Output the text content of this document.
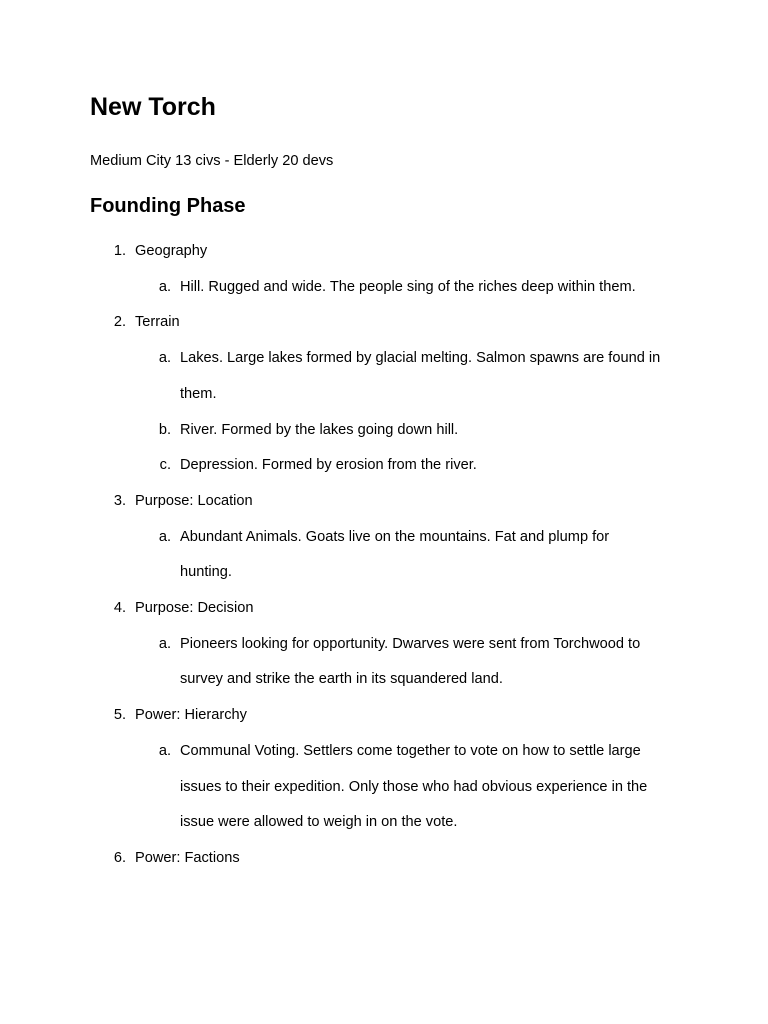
New Torch

Medium City 13 civs - Elderly 20 devs

Founding Phase
1. Geography
a. Hill. Rugged and wide. The people sing of the riches deep within them.
2. Terrain
a. Lakes. Large lakes formed by glacial melting. Salmon spawns are found in
them.
b. River. Formed by the lakes going down hill.
c. Depression. Formed by erosion from the river.
3. Purpose: Location
a. Abundant Animals. Goats live on the mountains. Fat and plump for
hunting.
4. Purpose: Decision
a. Pioneers looking for opportunity. Dwarves were sent from Torchwood to
survey and strike the earth in its squandered land.
5. Power: Hierarchy
a. Communal Voting. Settlers come together to vote on how to settle large
issues to their expedition. Only those who had obvious experience in the
issue were allowed to weigh in on the vote.
6. Power: Factions
